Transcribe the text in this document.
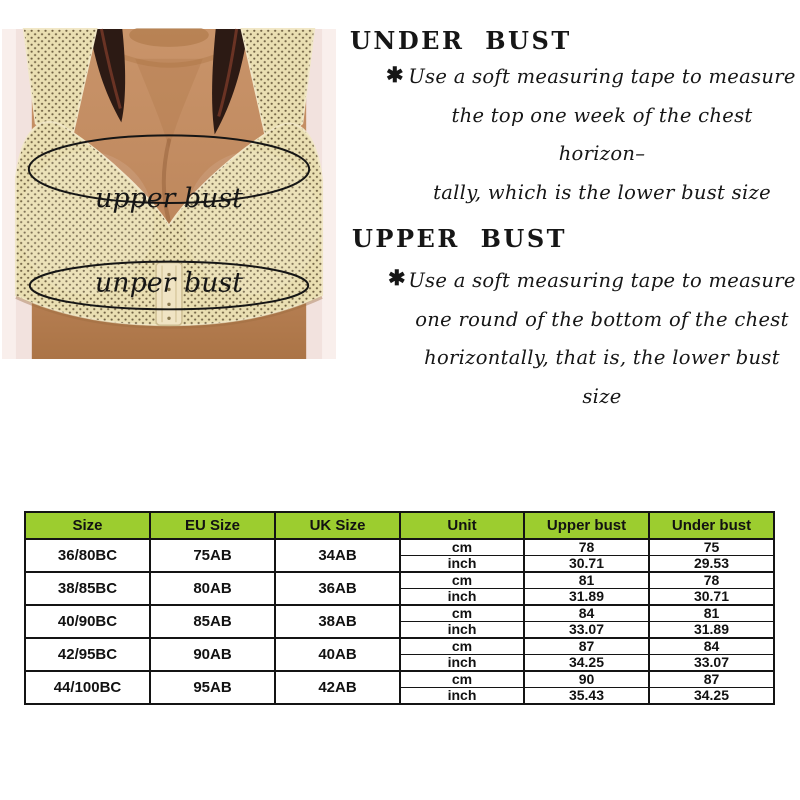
upper bust
unper bust
UNDER BUST
✱ Use a soft measuring tape to measure
the top one week of the chest horizon–
tally, which is the lower bust size
UPPER BUST
✱ Use a soft measuring tape to measure
one round of the bottom of the chest
horizontally, that is, the lower bust size
Size	EU Size	UK Size	Unit	Upper bust	Under bust
36/80BC	75AB	34AB	cm	78	75
			inch	30.71	29.53
38/85BC	80AB	36AB	cm	81	78
			inch	31.89	30.71
40/90BC	85AB	38AB	cm	84	81
			inch	33.07	31.89
42/95BC	90AB	40AB	cm	87	84
			inch	34.25	33.07
44/100BC	95AB	42AB	cm	90	87
			inch	35.43	34.25
